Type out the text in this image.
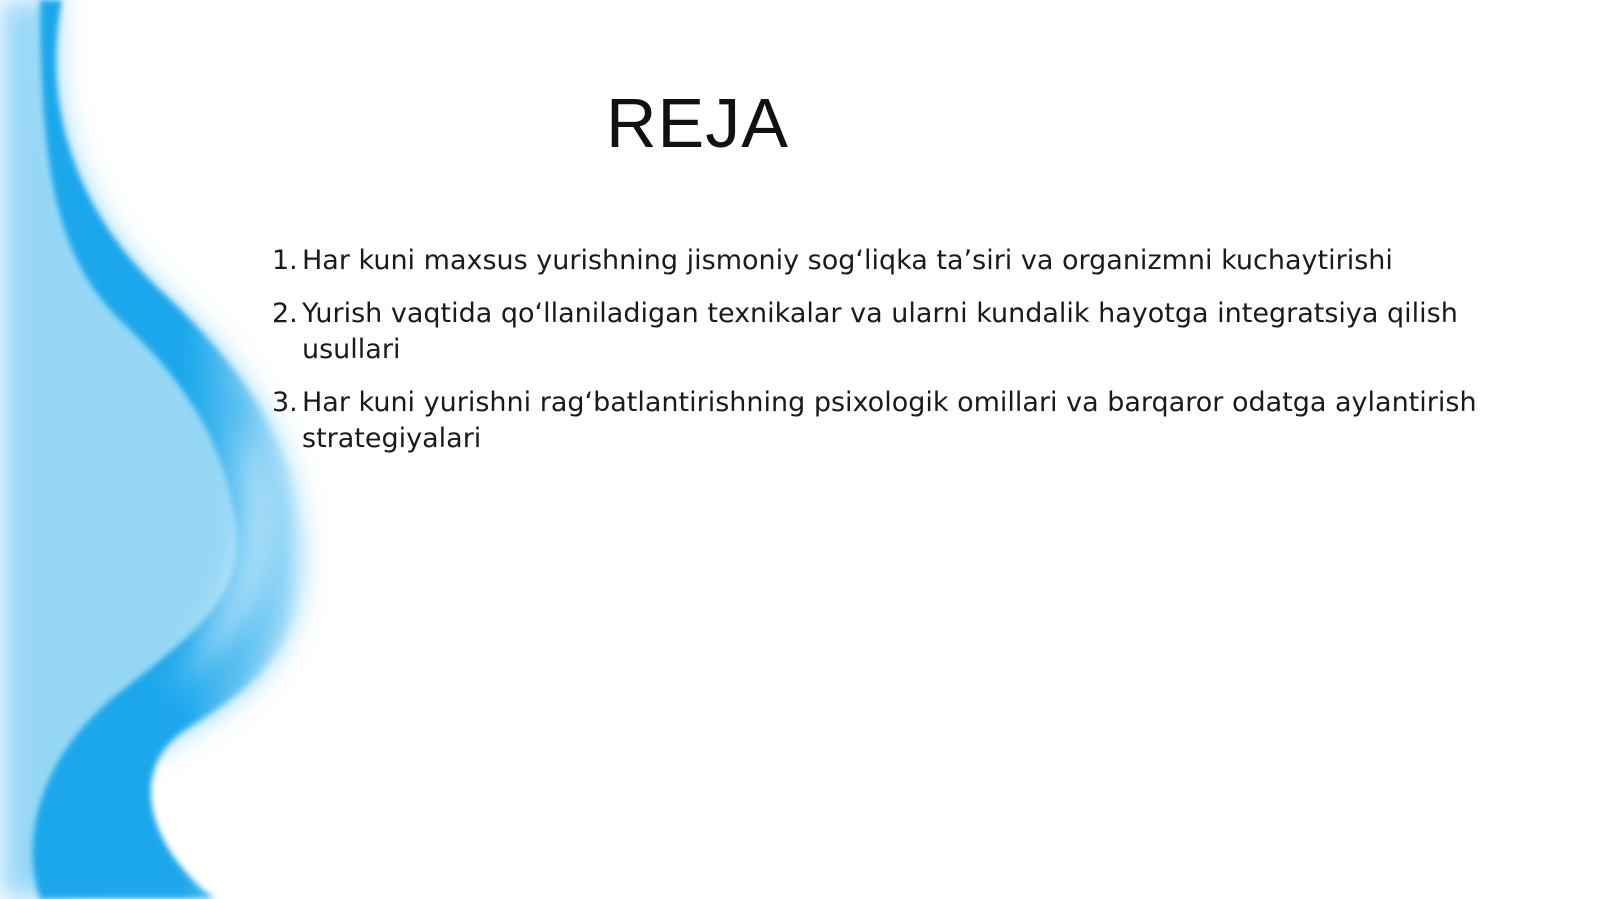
REJA
1. Har kuni maxsus yurishning jismoniy sog‘liqka ta’siri va organizmni kuchaytirishi
2. Yurish vaqtida qo‘llaniladigan texnikalar va ularni kundalik hayotga integratsiya qilish usullari
3. Har kuni yurishni rag‘batlantirishning psixologik omillari va barqaror odatga aylantirish strategiyalari
